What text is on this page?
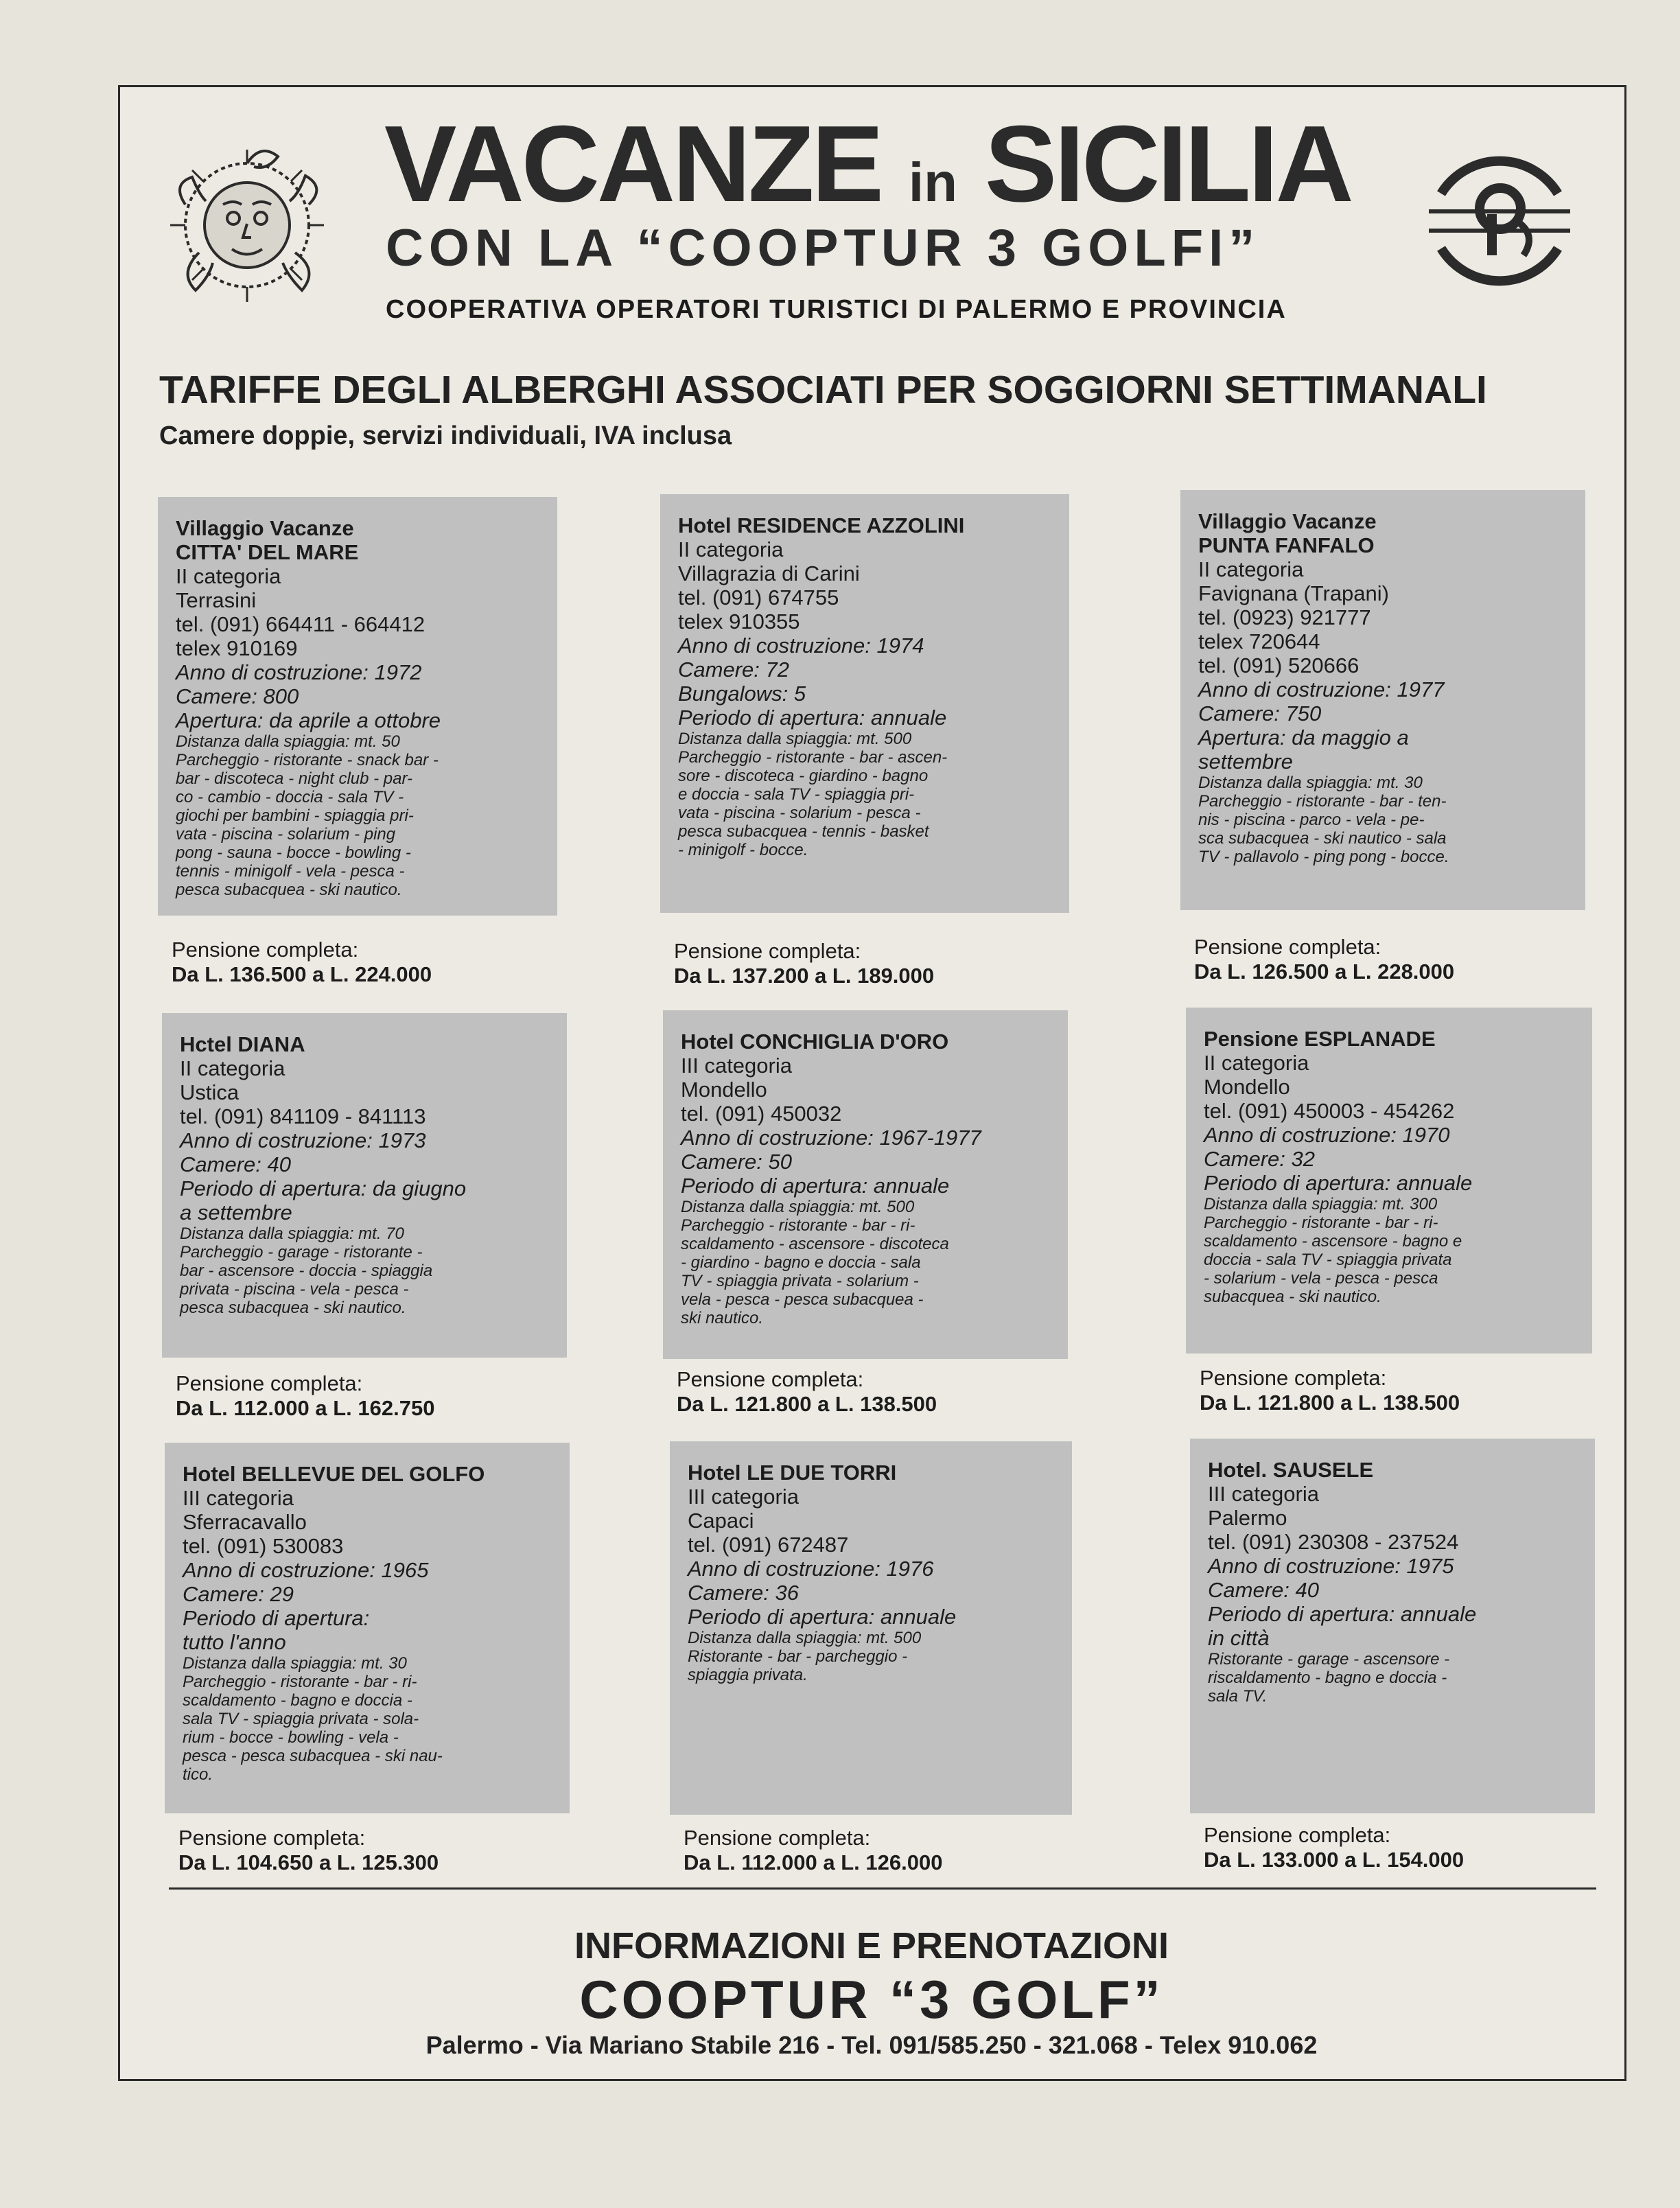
VACANZE in SICILIA
CON LA “COOPTUR 3 GOLFI”
COOPERATIVA OPERATORI TURISTICI DI PALERMO E PROVINCIA
TARIFFE DEGLI ALBERGHI ASSOCIATI PER SOGGIORNI SETTIMANALI
Camere doppie, servizi individuali, IVA inclusa
Villaggio Vacanze
CITTA' DEL MARE
II categoria
Terrasini
tel. (091) 664411 - 664412
telex 910169
Anno di costruzione: 1972
Camere: 800
Apertura: da aprile a ottobre
Distanza dalla spiaggia: mt. 50
Parcheggio - ristorante - snack bar -
bar - discoteca - night club - par-
co - cambio - doccia - sala TV -
giochi per bambini - spiaggia pri-
vata - piscina - solarium - ping
pong - sauna - bocce - bowling -
tennis - minigolf - vela - pesca -
pesca subacquea - ski nautico.
Pensione completa:
Da L. 136.500 a L. 224.000
Hotel RESIDENCE AZZOLINI
II categoria
Villagrazia di Carini
tel. (091) 674755
telex 910355
Anno di costruzione: 1974
Camere: 72
Bungalows: 5
Periodo di apertura: annuale
Distanza dalla spiaggia: mt. 500
Parcheggio - ristorante - bar - ascen-
sore - discoteca - giardino - bagno
e doccia - sala TV - spiaggia pri-
vata - piscina - solarium - pesca -
pesca subacquea - tennis - basket
- minigolf - bocce.
Pensione completa:
Da L. 137.200 a L. 189.000
Villaggio Vacanze
PUNTA FANFALO
II categoria
Favignana (Trapani)
tel. (0923) 921777
telex 720644
tel. (091) 520666
Anno di costruzione: 1977
Camere: 750
Apertura: da maggio a
settembre
Distanza dalla spiaggia: mt. 30
Parcheggio - ristorante - bar - ten-
nis - piscina - parco - vela - pe-
sca subacquea - ski nautico - sala
TV - pallavolo - ping pong - bocce.
Pensione completa:
Da L. 126.500 a L. 228.000
Hctel DIANA
II categoria
Ustica
tel. (091) 841109 - 841113
Anno di costruzione: 1973
Camere: 40
Periodo di apertura: da giugno
a settembre
Distanza dalla spiaggia: mt. 70
Parcheggio - garage - ristorante -
bar - ascensore - doccia - spiaggia
privata - piscina - vela - pesca -
pesca subacquea - ski nautico.
Pensione completa:
Da L. 112.000 a L. 162.750
Hotel CONCHIGLIA D'ORO
III categoria
Mondello
tel. (091) 450032
Anno di costruzione: 1967-1977
Camere: 50
Periodo di apertura: annuale
Distanza dalla spiaggia: mt. 500
Parcheggio - ristorante - bar - ri-
scaldamento - ascensore - discoteca
- giardino - bagno e doccia - sala
TV - spiaggia privata - solarium -
vela - pesca - pesca subacquea -
ski nautico.
Pensione completa:
Da L. 121.800 a L. 138.500
Pensione ESPLANADE
II categoria
Mondello
tel. (091) 450003 - 454262
Anno di costruzione: 1970
Camere: 32
Periodo di apertura: annuale
Distanza dalla spiaggia: mt. 300
Parcheggio - ristorante - bar - ri-
scaldamento - ascensore - bagno e
doccia - sala TV - spiaggia privata
- solarium - vela - pesca - pesca
subacquea - ski nautico.
Pensione completa:
Da L. 121.800 a L. 138.500
Hotel BELLEVUE DEL GOLFO
III categoria
Sferracavallo
tel. (091) 530083
Anno di costruzione: 1965
Camere: 29
Periodo di apertura:
tutto l'anno
Distanza dalla spiaggia: mt. 30
Parcheggio - ristorante - bar - ri-
scaldamento - bagno e doccia -
sala TV - spiaggia privata - sola-
rium - bocce - bowling - vela -
pesca - pesca subacquea - ski nau-
tico.
Pensione completa:
Da L. 104.650 a L. 125.300
Hotel LE DUE TORRI
III categoria
Capaci
tel. (091) 672487
Anno di costruzione: 1976
Camere: 36
Periodo di apertura: annuale
Distanza dalla spiaggia: mt. 500
Ristorante - bar - parcheggio -
spiaggia privata.
Pensione completa:
Da L. 112.000 a L. 126.000
Hotel. SAUSELE
III categoria
Palermo
tel. (091) 230308 - 237524
Anno di costruzione: 1975
Camere: 40
Periodo di apertura: annuale
in città
Ristorante - garage - ascensore -
riscaldamento - bagno e doccia -
sala TV.
Pensione completa:
Da L. 133.000 a L. 154.000
INFORMAZIONI E PRENOTAZIONI
COOPTUR “3 GOLF”
Palermo - Via Mariano Stabile 216 - Tel. 091/585.250 - 321.068 - Telex 910.062
